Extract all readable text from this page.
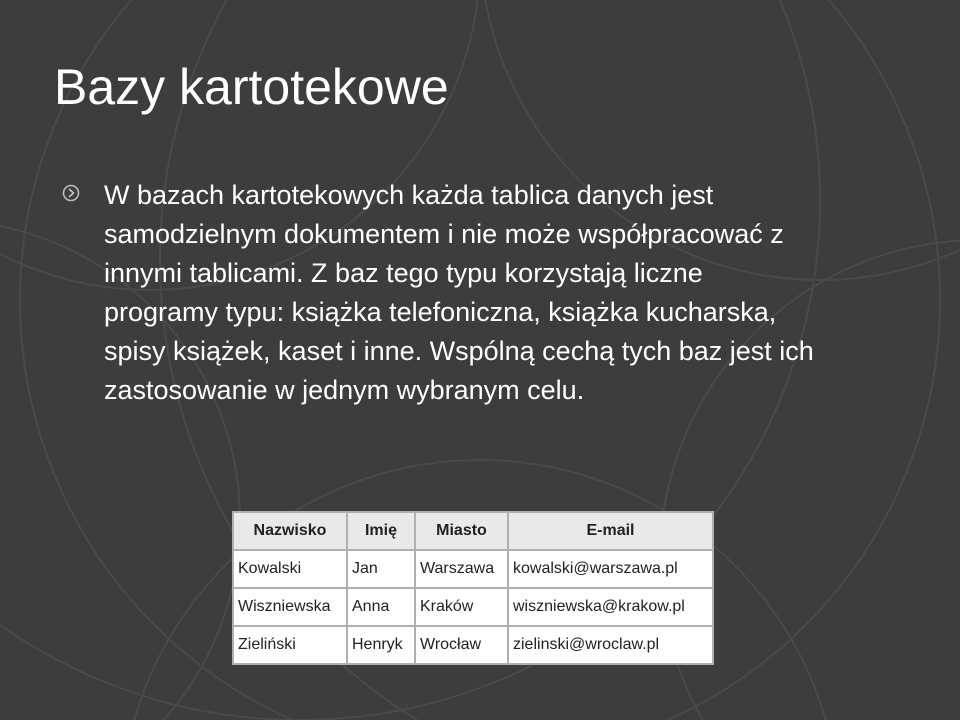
Bazy kartotekowe

W bazach kartotekowych każda tablica danych jest samodzielnym dokumentem i nie może współpracować z innymi tablicami. Z baz tego typu korzystają liczne programy typu: książka telefoniczna, książka kucharska, spisy książek, kaset i inne. Wspólną cechą tych baz jest ich zastosowanie w jednym wybranym celu.

Nazwisko	Imię	Miasto	E-mail
Kowalski	Jan	Warszawa	kowalski@warszawa.pl
Wiszniewska	Anna	Kraków	wiszniewska@krakow.pl
Zieliński	Henryk	Wrocław	zielinski@wroclaw.pl
